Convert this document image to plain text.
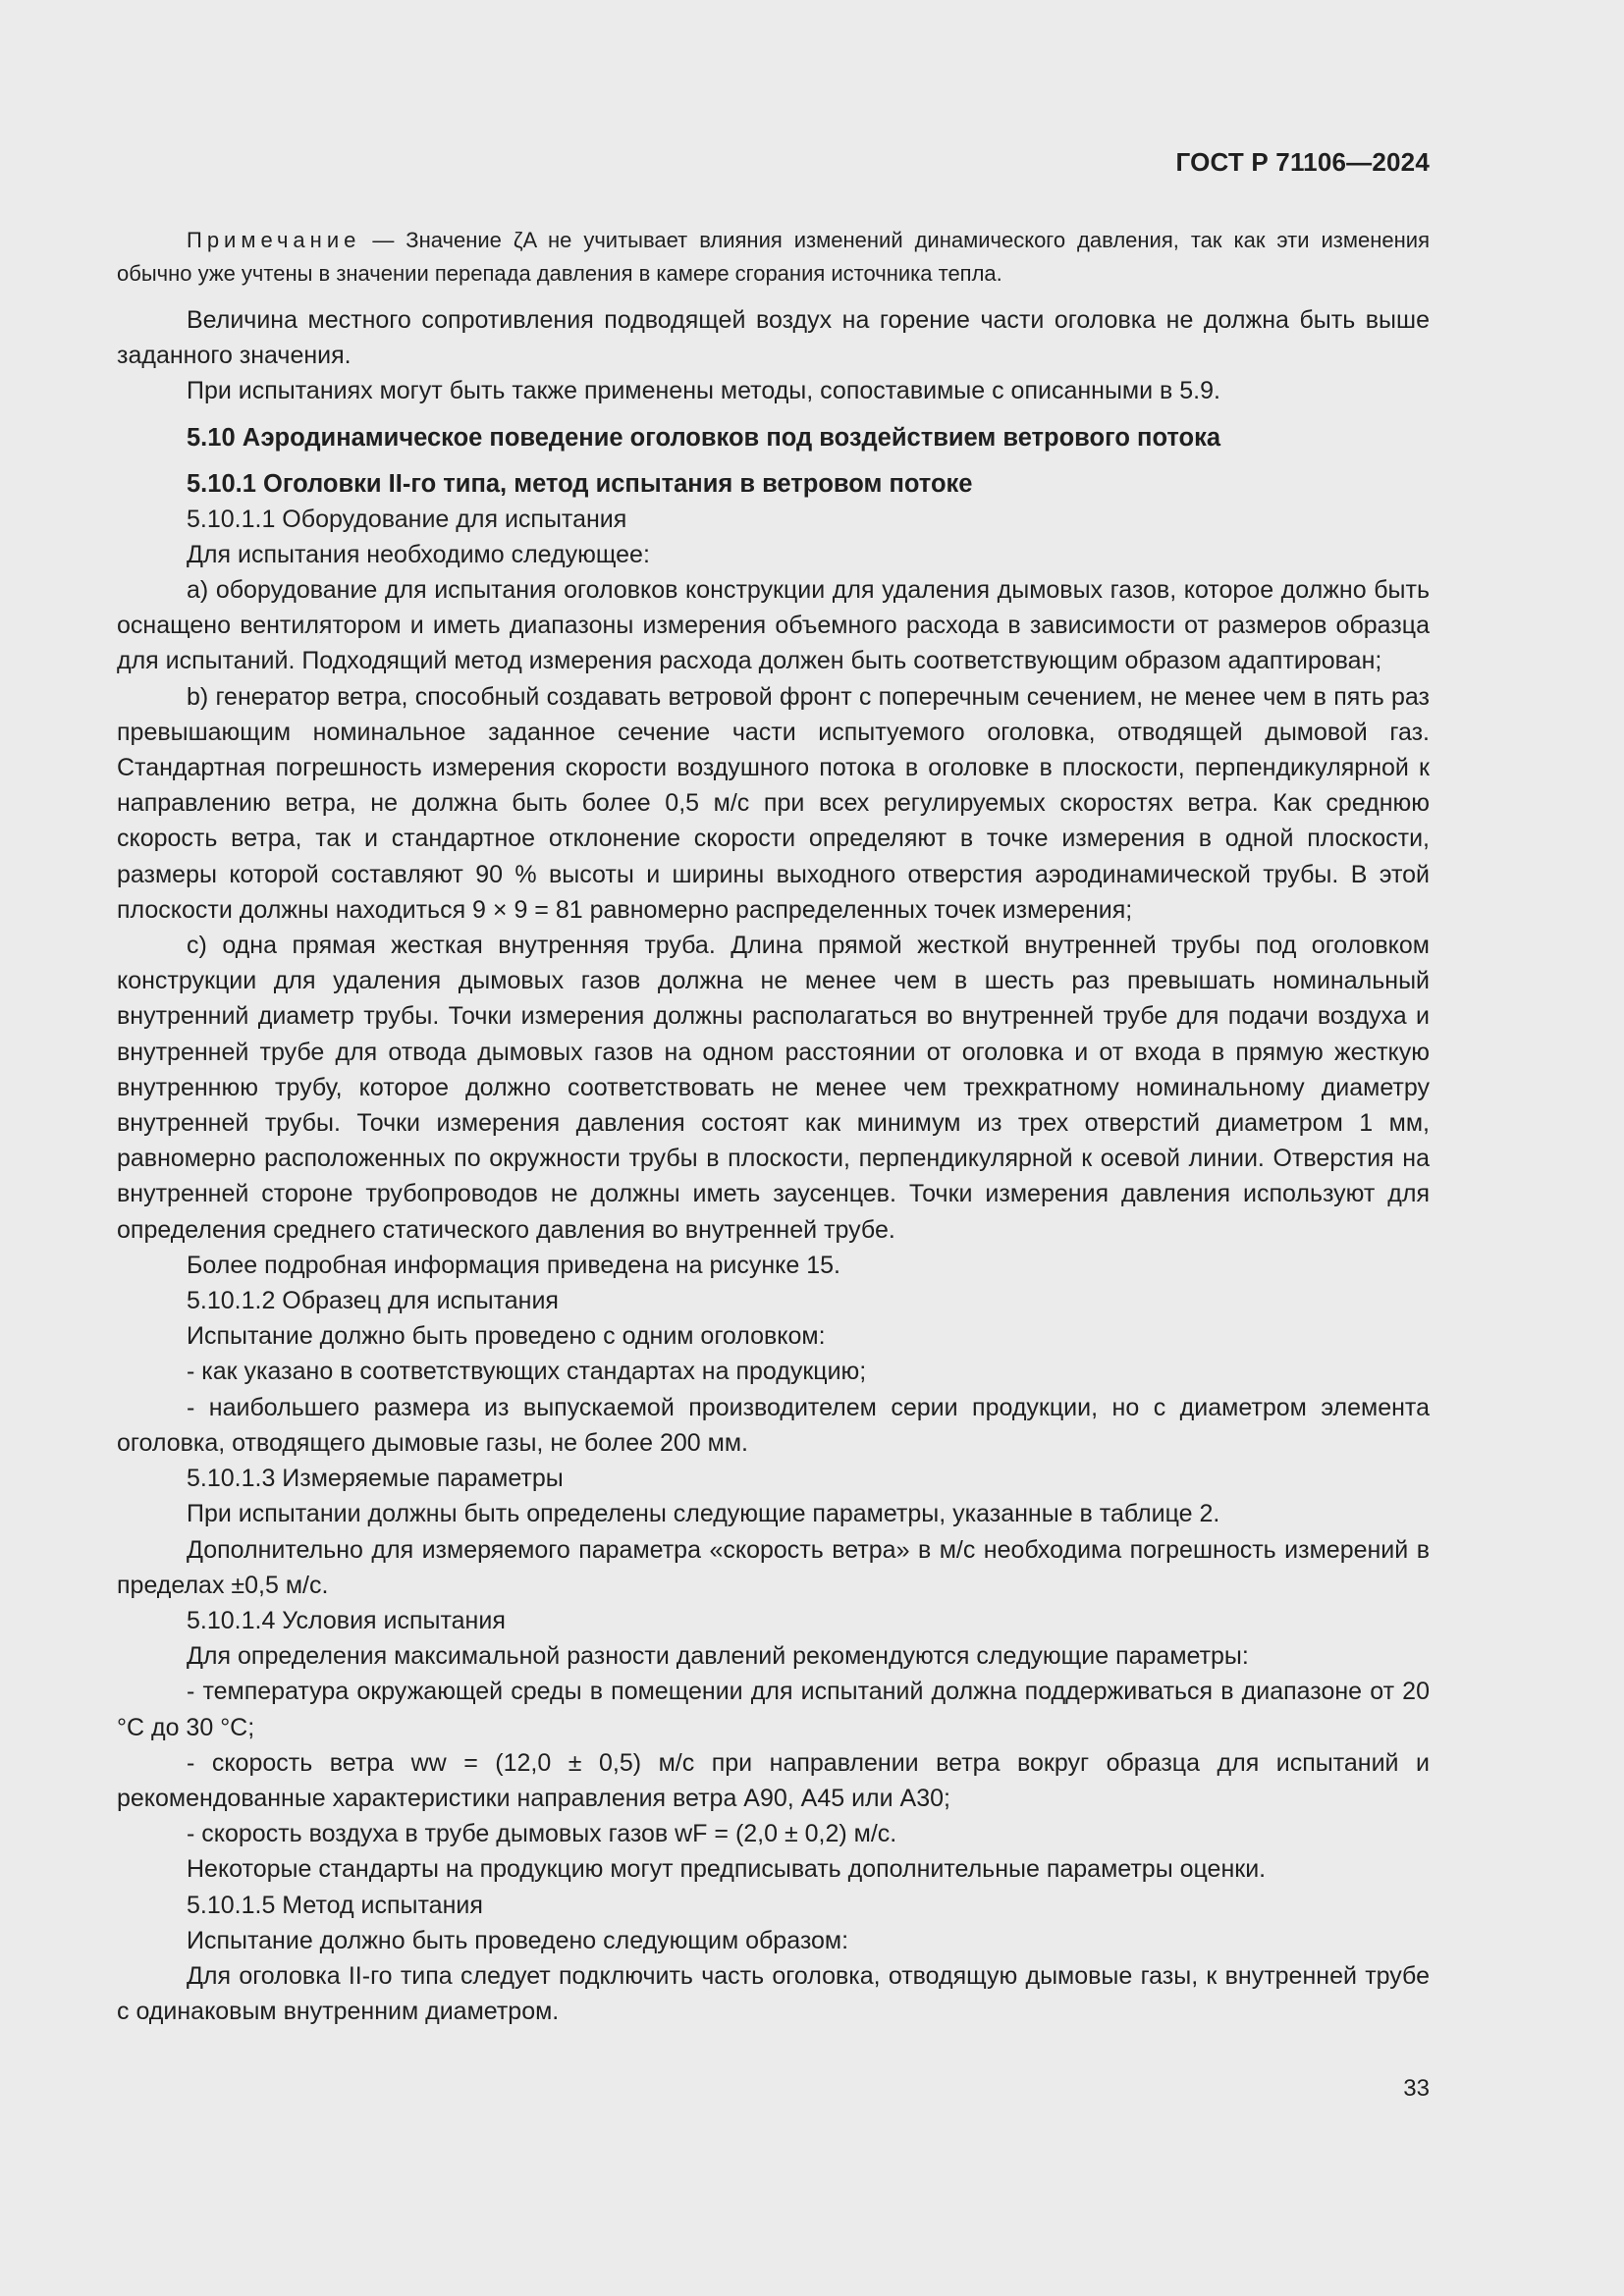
ГОСТ Р 71106—2024

Примечание — Значение ζA не учитывает влияния изменений динамического давления, так как эти изменения обычно уже учтены в значении перепада давления в камере сгорания источника тепла.

Величина местного сопротивления подводящей воздух на горение части оголовка не должна быть выше заданного значения.

При испытаниях могут быть также применены методы, сопоставимые с описанными в 5.9.

5.10 Аэродинамическое поведение оголовков под воздействием ветрового потока

5.10.1 Оголовки II-го типа, метод испытания в ветровом потоке

5.10.1.1 Оборудование для испытания

Для испытания необходимо следующее:

a) оборудование для испытания оголовков конструкции для удаления дымовых газов, которое должно быть оснащено вентилятором и иметь диапазоны измерения объемного расхода в зависимости от размеров образца для испытаний. Подходящий метод измерения расхода должен быть соответствующим образом адаптирован;

b) генератор ветра, способный создавать ветровой фронт с поперечным сечением, не менее чем в пять раз превышающим номинальное заданное сечение части испытуемого оголовка, отводящей дымовой газ. Стандартная погрешность измерения скорости воздушного потока в оголовке в плоскости, перпендикулярной к направлению ветра, не должна быть более 0,5 м/с при всех регулируемых скоростях ветра. Как среднюю скорость ветра, так и стандартное отклонение скорости определяют в точке измерения в одной плоскости, размеры которой составляют 90 % высоты и ширины выходного отверстия аэродинамической трубы. В этой плоскости должны находиться 9 × 9 = 81 равномерно распределенных точек измерения;

c) одна прямая жесткая внутренняя труба. Длина прямой жесткой внутренней трубы под оголовком конструкции для удаления дымовых газов должна не менее чем в шесть раз превышать номинальный внутренний диаметр трубы. Точки измерения должны располагаться во внутренней трубе для подачи воздуха и внутренней трубе для отвода дымовых газов на одном расстоянии от оголовка и от входа в прямую жесткую внутреннюю трубу, которое должно соответствовать не менее чем трехкратному номинальному диаметру внутренней трубы. Точки измерения давления состоят как минимум из трех отверстий диаметром 1 мм, равномерно расположенных по окружности трубы в плоскости, перпендикулярной к осевой линии. Отверстия на внутренней стороне трубопроводов не должны иметь заусенцев. Точки измерения давления используют для определения среднего статического давления во внутренней трубе.

Более подробная информация приведена на рисунке 15.

5.10.1.2 Образец для испытания

Испытание должно быть проведено с одним оголовком:

- как указано в соответствующих стандартах на продукцию;

- наибольшего размера из выпускаемой производителем серии продукции, но с диаметром элемента оголовка, отводящего дымовые газы, не более 200 мм.

5.10.1.3 Измеряемые параметры

При испытании должны быть определены следующие параметры, указанные в таблице 2.

Дополнительно для измеряемого параметра «скорость ветра» в м/с необходима погрешность измерений в пределах ±0,5 м/с.

5.10.1.4 Условия испытания

Для определения максимальной разности давлений рекомендуются следующие параметры:

- температура окружающей среды в помещении для испытаний должна поддерживаться в диапазоне от 20 °С до 30 °С;

- скорость ветра ww = (12,0 ± 0,5) м/с при направлении ветра вокруг образца для испытаний и рекомендованные характеристики направления ветра А90, А45 или А30;

- скорость воздуха в трубе дымовых газов wF = (2,0 ± 0,2) м/с.

Некоторые стандарты на продукцию могут предписывать дополнительные параметры оценки.

5.10.1.5 Метод испытания

Испытание должно быть проведено следующим образом:

Для оголовка II-го типа следует подключить часть оголовка, отводящую дымовые газы, к внутренней трубе с одинаковым внутренним диаметром.

33
